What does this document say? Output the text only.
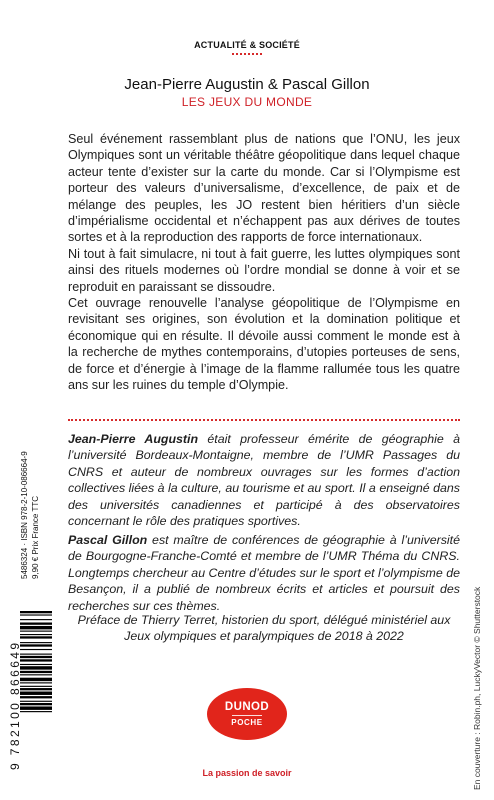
ACTUALITÉ & SOCIÉTÉ
Jean-Pierre Augustin & Pascal Gillon
LES JEUX DU MONDE

Seul événement rassemblant plus de nations que l’ONU, les jeux Olympiques sont un véritable théâtre géopolitique dans lequel chaque acteur tente d’exister sur la carte du monde. Car si l’Olympisme est porteur des valeurs d’universalisme, d’excellence, de paix et de mélange des peuples, les JO restent bien héritiers d’un siècle d’impérialisme occidental et n’échappent pas aux dérives de toutes sortes et à la reproduction des rapports de force internationaux.

Ni tout à fait simulacre, ni tout à fait guerre, les luttes olympiques sont ainsi des rituels modernes où l’ordre mondial se donne à voir et se reproduit en paraissant se dissoudre.

Cet ouvrage renouvelle l’analyse géopolitique de l’Olympisme en revisitant ses origines, son évolution et la domination politique et économique qui en résulte. Il dévoile aussi comment le monde est à la recherche de mythes contemporains, d’utopies porteuses de sens, de force et d’énergie à l’image de la flamme rallumée tous les quatre ans sur les ruines du temple d’Olympie.

Jean-Pierre Augustin était professeur émérite de géographie à l’université Bordeaux-Montaigne, membre de l’UMR Passages du CNRS et auteur de nombreux ouvrages sur les formes d’action collectives liées à la culture, au tourisme et au sport. Il a enseigné dans des universités canadiennes et participé à des observatoires concernant le rôle des pratiques sportives.
Pascal Gillon est maître de conférences de géographie à l’université de Bourgogne-Franche-Comté et membre de l’UMR Théma du CNRS. Longtemps chercheur au Centre d’études sur le sport et l’olympisme de Besançon, il a publié de nombreux écrits et articles et poursuit des recherches sur ces thèmes.
Préface de Thierry Terret, historien du sport, délégué ministériel aux Jeux olympiques et paralympiques de 2018 à 2022
5486324 · ISBN 978-2-10-086664-9 9,90 € Prix France TTC
9 782100 866649	En couverture : Robin.ph, LuckyVector © Shutterstock
DUNOD
POCHE
La passion de savoir
